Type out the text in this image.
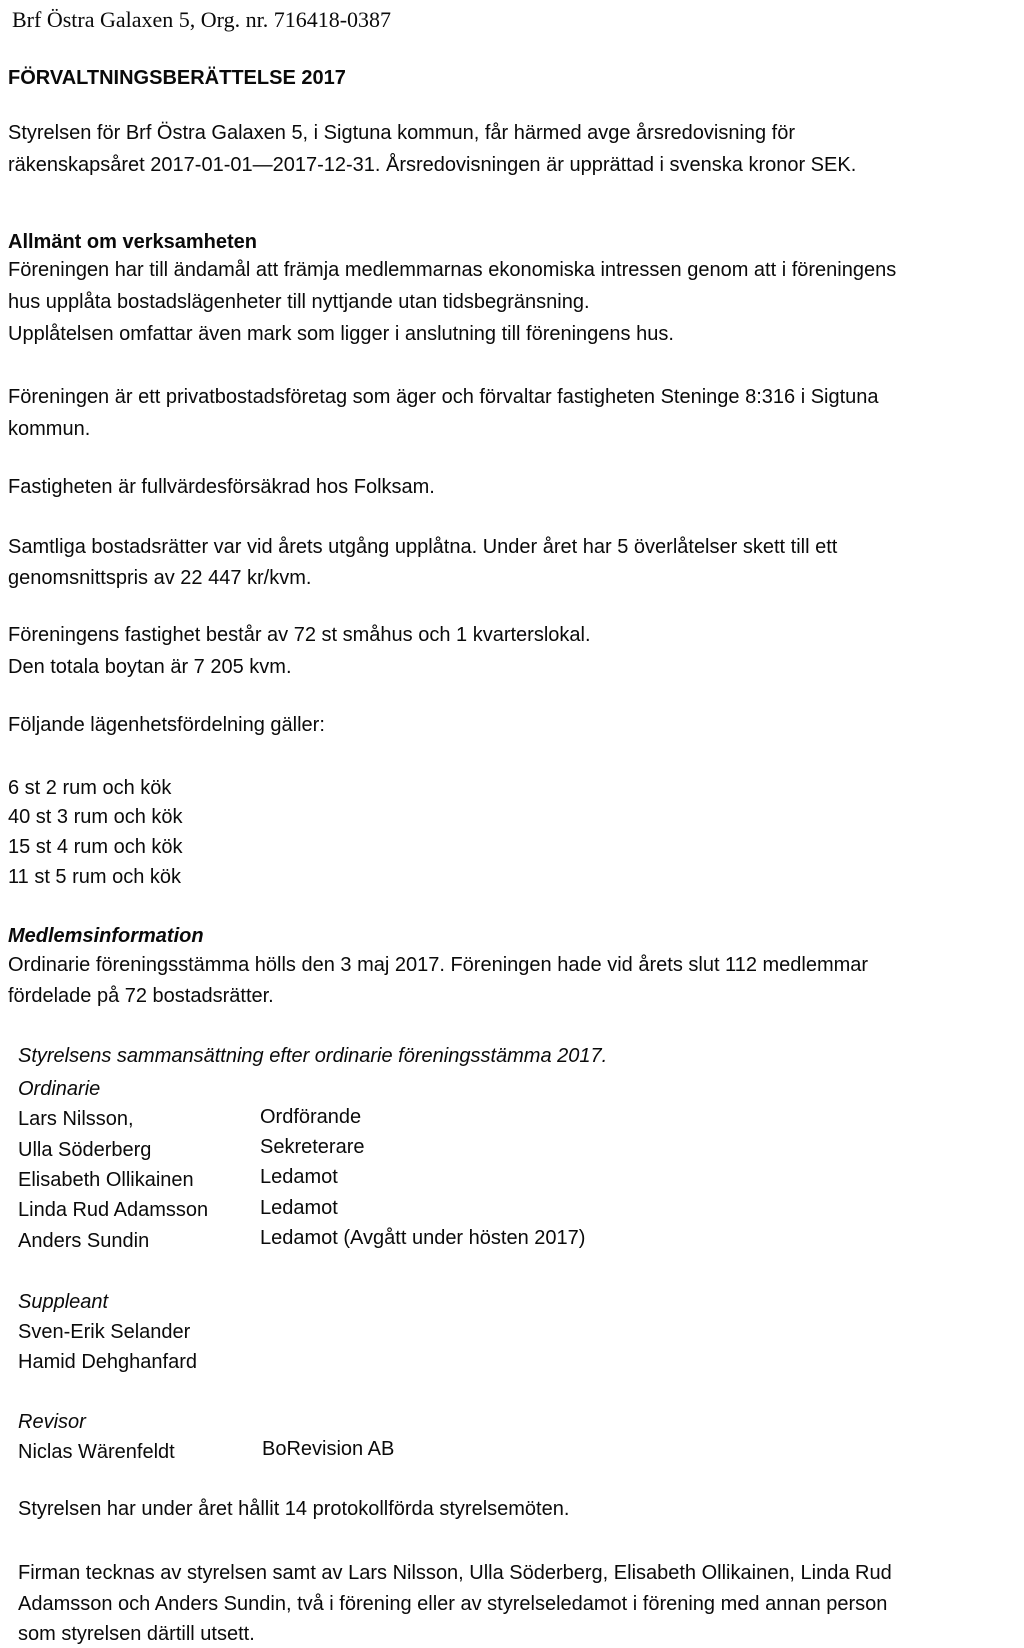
Brf Östra Galaxen 5, Org. nr. 716418-0387
FÖRVALTNINGSBERÄTTELSE 2017
Styrelsen för Brf Östra Galaxen 5, i Sigtuna kommun, får härmed avge årsredovisning för
räkenskapsåret 2017-01-01—2017-12-31. Årsredovisningen är upprättad i svenska kronor SEK.
Allmänt om verksamheten
Föreningen har till ändamål att främja medlemmarnas ekonomiska intressen genom att i föreningens
hus upplåta bostadslägenheter till nyttjande utan tidsbegränsning.
Upplåtelsen omfattar även mark som ligger i anslutning till föreningens hus.
Föreningen är ett privatbostadsföretag som äger och förvaltar fastigheten Steninge 8:316 i Sigtuna
kommun.
Fastigheten är fullvärdesförsäkrad hos Folksam.
Samtliga bostadsrätter var vid årets utgång upplåtna. Under året har 5 överlåtelser skett till ett
genomsnittspris av 22 447 kr/kvm.
Föreningens fastighet består av 72 st småhus och 1 kvarterslokal.
Den totala boytan är 7 205 kvm.
Följande lägenhetsfördelning gäller:
6 st 2 rum och kök
40 st 3 rum och kök
15 st 4 rum och kök
11 st 5 rum och kök
Medlemsinformation
Ordinarie föreningsstämma hölls den 3 maj 2017. Föreningen hade vid årets slut 112 medlemmar
fördelade på 72 bostadsrätter.
Styrelsens sammansättning efter ordinarie föreningsstämma 2017.
Ordinarie
Lars Nilsson,	Ordförande
Ulla Söderberg	Sekreterare
Elisabeth Ollikainen	Ledamot
Linda Rud Adamsson	Ledamot
Anders Sundin	Ledamot (Avgått under hösten 2017)
Suppleant
Sven-Erik Selander
Hamid Dehghanfard
Revisor
Niclas Wärenfeldt	BoRevision AB
Styrelsen har under året hållit 14 protokollförda styrelsemöten.
Firman tecknas av styrelsen samt av Lars Nilsson, Ulla Söderberg, Elisabeth Ollikainen, Linda Rud
Adamsson och Anders Sundin, två i förening eller av styrelseledamot i förening med annan person
som styrelsen därtill utsett.
